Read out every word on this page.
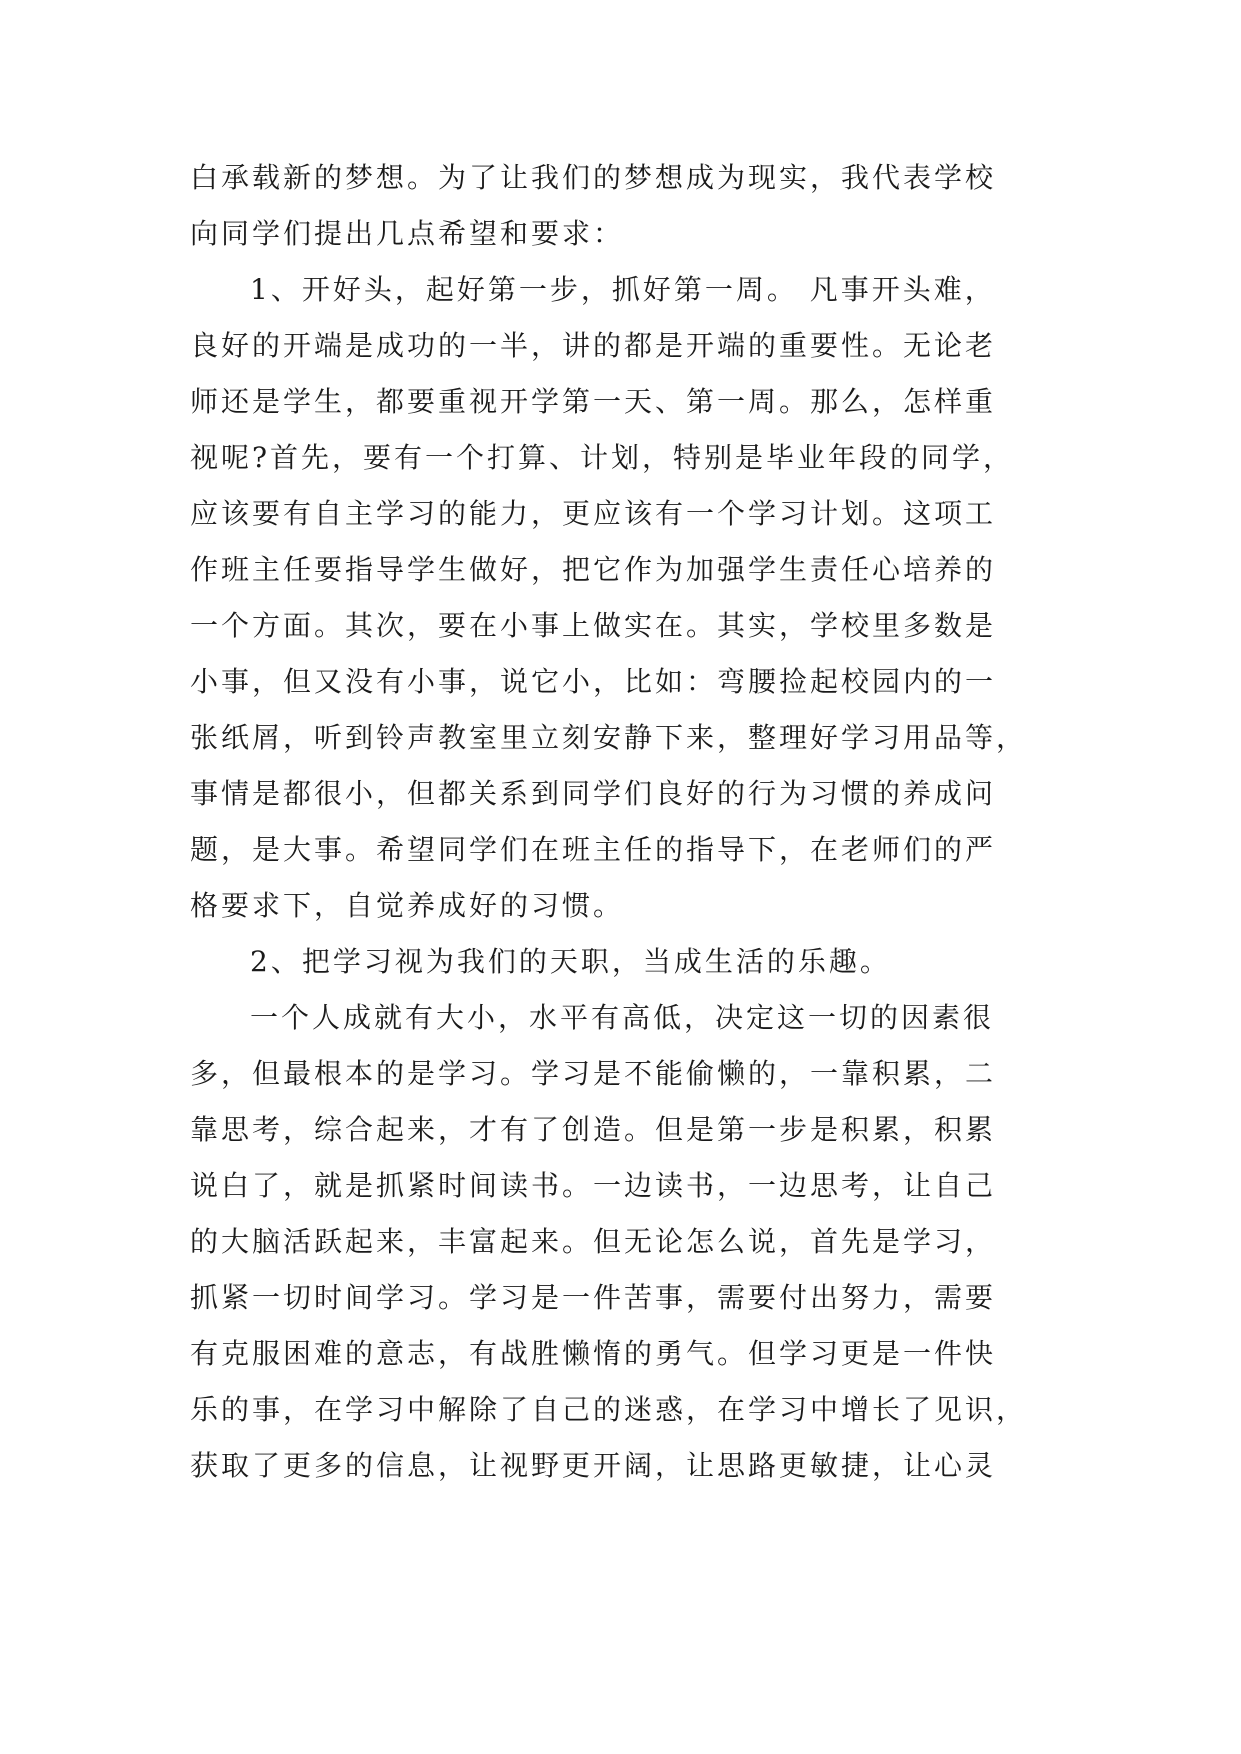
白承载新的梦想。为了让我们的梦想成为现实，我代表学校
向同学们提出几点希望和要求：
1、开好头，起好第一步，抓好第一周。 凡事开头难，
良好的开端是成功的一半，讲的都是开端的重要性。无论老
师还是学生，都要重视开学第一天、第一周。那么，怎样重
视呢?首先，要有一个打算、计划，特别是毕业年段的同学，
应该要有自主学习的能力，更应该有一个学习计划。这项工
作班主任要指导学生做好，把它作为加强学生责任心培养的
一个方面。其次，要在小事上做实在。其实，学校里多数是
小事，但又没有小事，说它小，比如：弯腰捡起校园内的一
张纸屑，听到铃声教室里立刻安静下来，整理好学习用品等，
事情是都很小，但都关系到同学们良好的行为习惯的养成问
题，是大事。希望同学们在班主任的指导下，在老师们的严
格要求下，自觉养成好的习惯。
2、把学习视为我们的天职，当成生活的乐趣。
一个人成就有大小，水平有高低，决定这一切的因素很
多，但最根本的是学习。学习是不能偷懒的，一靠积累，二
靠思考，综合起来，才有了创造。但是第一步是积累，积累
说白了，就是抓紧时间读书。一边读书，一边思考，让自己
的大脑活跃起来，丰富起来。但无论怎么说，首先是学习，
抓紧一切时间学习。学习是一件苦事，需要付出努力，需要
有克服困难的意志，有战胜懒惰的勇气。但学习更是一件快
乐的事，在学习中解除了自己的迷惑，在学习中增长了见识，
获取了更多的信息，让视野更开阔，让思路更敏捷，让心灵
